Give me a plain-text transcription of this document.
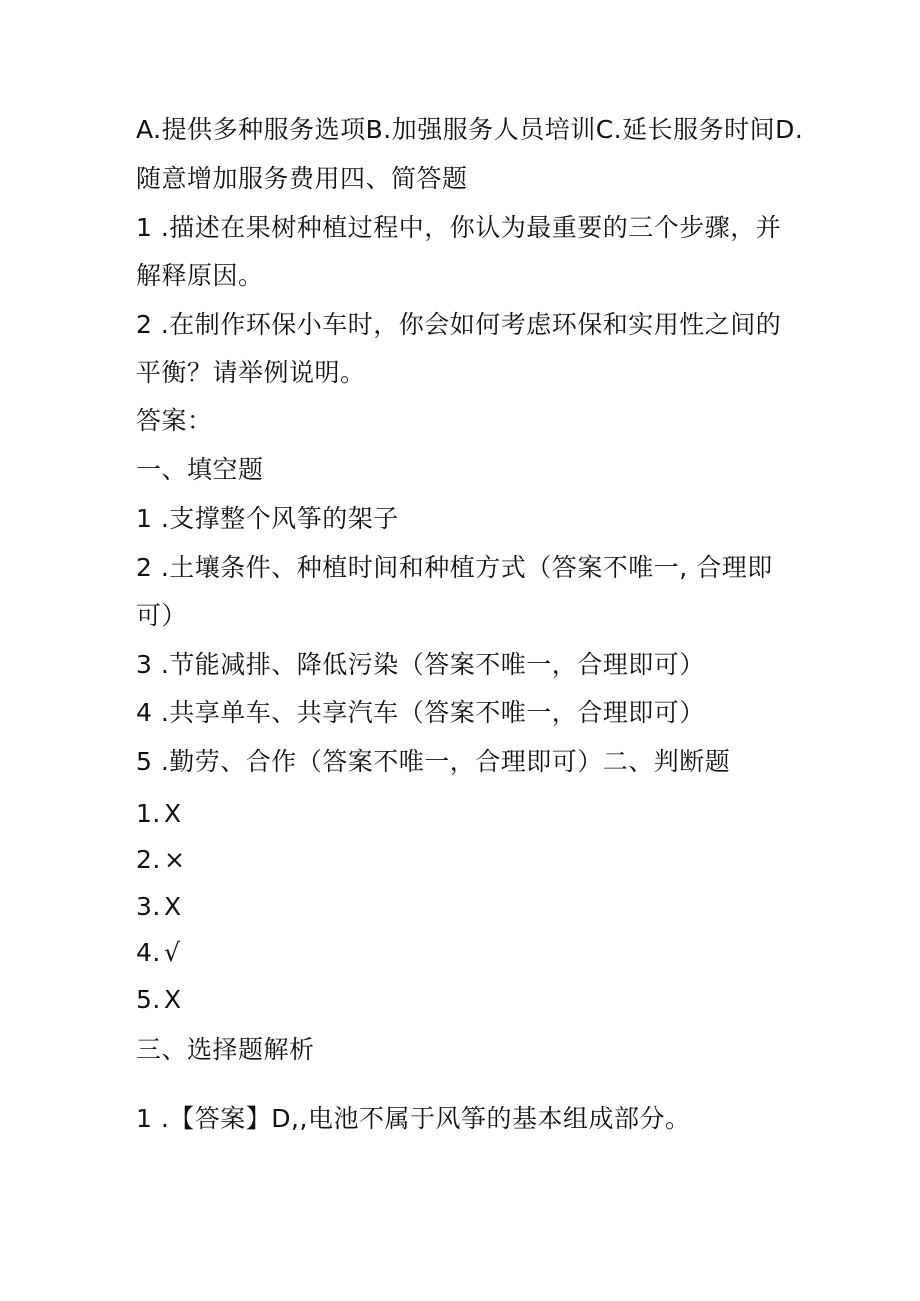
A.提供多种服务选项B.加强服务人员培训C.延长服务时间D.
随意增加服务费用四、简答题
1 .描述在果树种植过程中，你认为最重要的三个步骤，并
解释原因。
2 .在制作环保小车时，你会如何考虑环保和实用性之间的
平衡？请举例说明。
答案：
一、填空题
1 .支撑整个风筝的架子
2 .土壤条件、种植时间和种植方式（答案不唯一, 合理即
可）
3 .节能减排、降低污染（答案不唯一，合理即可）
4 .共享单车、共享汽车（答案不唯一，合理即可）
5 .勤劳、合作（答案不唯一，合理即可）二、判断题
1. X
2. ×
3. X
4. √
5. X
三、选择题解析
1 .【答案】D,,电池不属于风筝的基本组成部分。
